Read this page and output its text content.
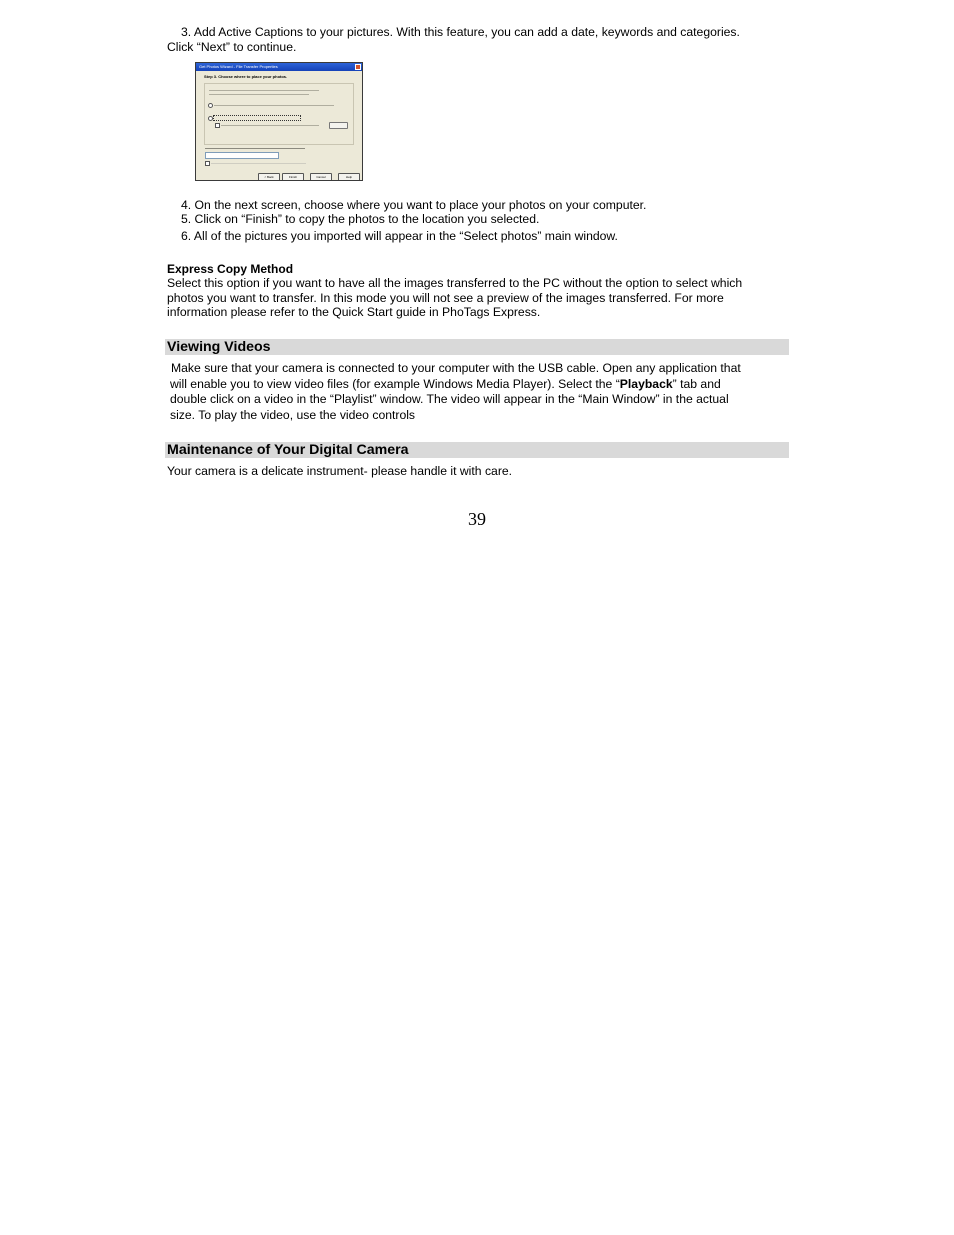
3. Add Active Captions to your pictures. With this feature, you can add a date, keywords and categories.
Click “Next” to continue.
Get Photos Wizard - File Transfer Properties
Step 3. Choose where to place your photos.
< Back	Finish	Cancel	Help
4. On the next screen, choose where you want to place your photos on your computer.
5. Click on “Finish” to copy the photos to the location you selected.
6. All of the pictures you imported will appear in the “Select photos” main window.
Express Copy Method
Select this option if you want to have all the images transferred to the PC without the option to select which
photos you want to transfer. In this mode you will not see a preview of the images transferred. For more
information please refer to the Quick Start guide in PhoTags Express.
Viewing Videos
Make sure that your camera is connected to your computer with the USB cable. Open any application that
will enable you to view video files (for example Windows Media Player). Select the “Playback” tab and
double click on a video in the “Playlist” window. The video will appear in the “Main Window” in the actual
size. To play the video, use the video controls
Maintenance of Your Digital Camera
Your camera is a delicate instrument- please handle it with care.
39
